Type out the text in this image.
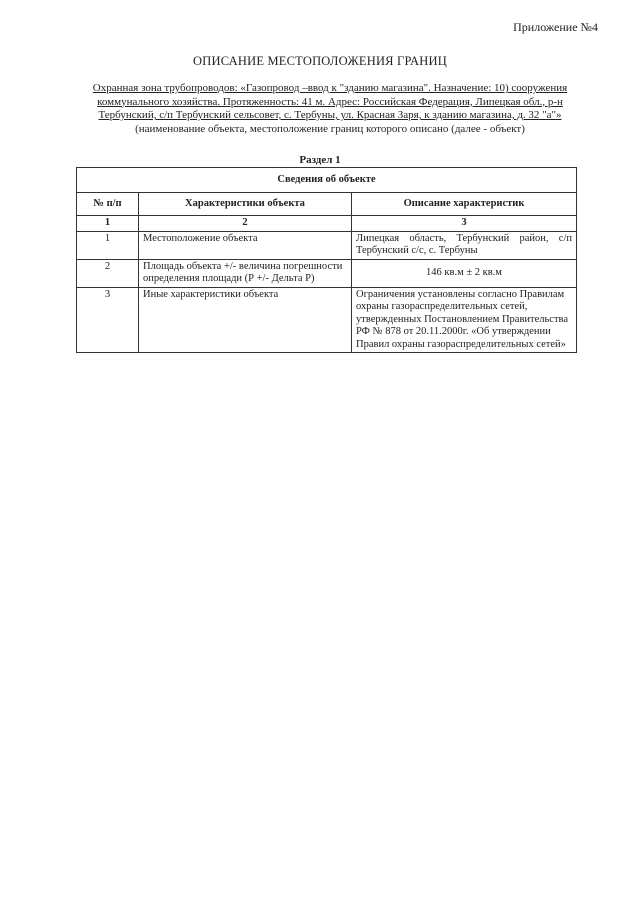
Приложение №4
ОПИСАНИЕ МЕСТОПОЛОЖЕНИЯ ГРАНИЦ
Охранная зона трубопроводов: «Газопровод –ввод к "зданию магазина". Назначение: 10) сооружения коммунального хозяйства. Протяженность: 41 м. Адрес: Российская Федерация, Липецкая обл., р-н Тербунский, с/п Тербунский сельсовет, с. Тербуны, ул. Красная Заря, к зданию магазина, д. 32 "а"»
(наименование объекта, местоположение границ которого описано (далее - объект)
Раздел 1
Сведения об объекте		
№ п/п	Характеристики объекта	Описание характеристик
1	2	3
1	Местоположение объекта	Липецкая область, Тербунский район, с/п Тербунский с/с, с. Тербуны
2	Площадь объекта +/- величина погрешности определения площади (Р +/- Дельта Р)	146 кв.м ± 2 кв.м
3	Иные характеристики объекта	Ограничения установлены согласно Правилам охраны газораспределительных сетей, утвержденных Постановлением Правительства РФ № 878 от 20.11.2000г. «Об утверждении Правил охраны газораспределительных сетей»
